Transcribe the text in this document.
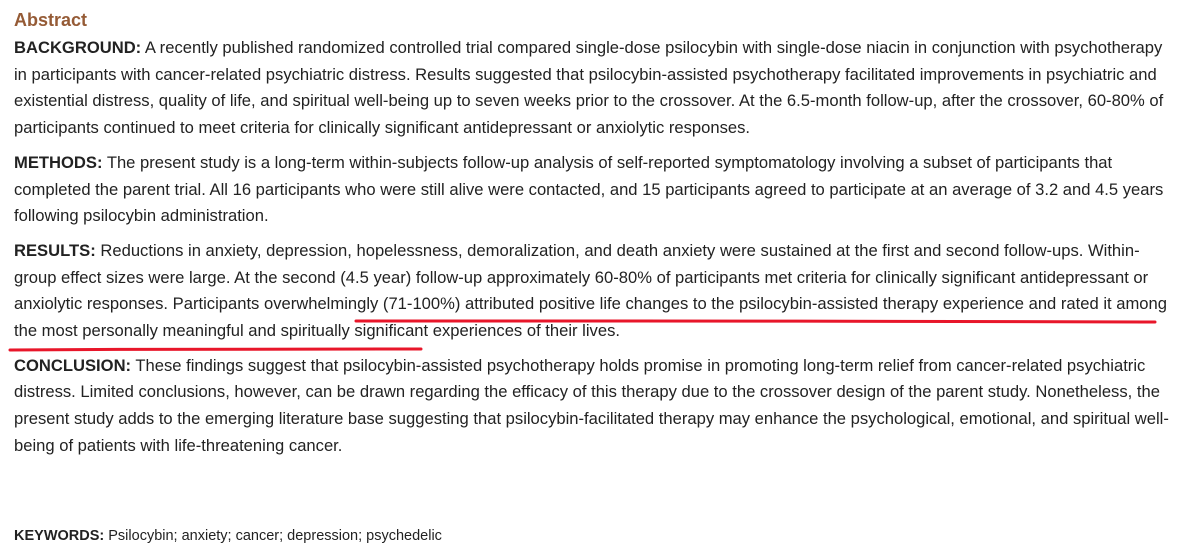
Abstract

BACKGROUND: A recently published randomized controlled trial compared single-dose psilocybin with single-dose niacin in conjunction with psychotherapy in participants with cancer-related psychiatric distress. Results suggested that psilocybin-assisted psychotherapy facilitated improvements in psychiatric and existential distress, quality of life, and spiritual well-being up to seven weeks prior to the crossover. At the 6.5-month follow-up, after the crossover, 60-80% of participants continued to meet criteria for clinically significant antidepressant or anxiolytic responses.

METHODS: The present study is a long-term within-subjects follow-up analysis of self-reported symptomatology involving a subset of participants that completed the parent trial. All 16 participants who were still alive were contacted, and 15 participants agreed to participate at an average of 3.2 and 4.5 years following psilocybin administration.

RESULTS: Reductions in anxiety, depression, hopelessness, demoralization, and death anxiety were sustained at the first and second follow-ups. Within-group effect sizes were large. At the second (4.5 year) follow-up approximately 60-80% of participants met criteria for clinically significant antidepressant or anxiolytic responses. Participants overwhelmingly (71-100%) attributed positive life changes to the psilocybin-assisted therapy experience and rated it among the most personally meaningful and spiritually significant experiences of their lives.

CONCLUSION: These findings suggest that psilocybin-assisted psychotherapy holds promise in promoting long-term relief from cancer-related psychiatric distress. Limited conclusions, however, can be drawn regarding the efficacy of this therapy due to the crossover design of the parent study. Nonetheless, the present study adds to the emerging literature base suggesting that psilocybin-facilitated therapy may enhance the psychological, emotional, and spiritual well-being of patients with life-threatening cancer.

KEYWORDS: Psilocybin; anxiety; cancer; depression; psychedelic
